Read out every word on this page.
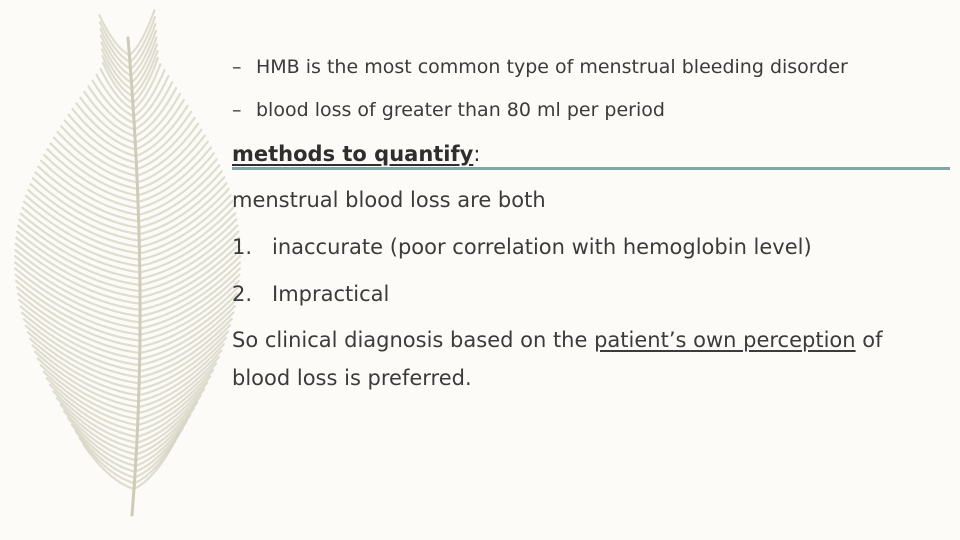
– HMB is the most common type of menstrual bleeding disorder
– blood loss of greater than 80 ml per period
methods to quantify:
menstrual blood loss are both
1. inaccurate (poor correlation with hemoglobin level)
2. Impractical
So clinical diagnosis based on the patient’s own perception of
blood loss is preferred.
